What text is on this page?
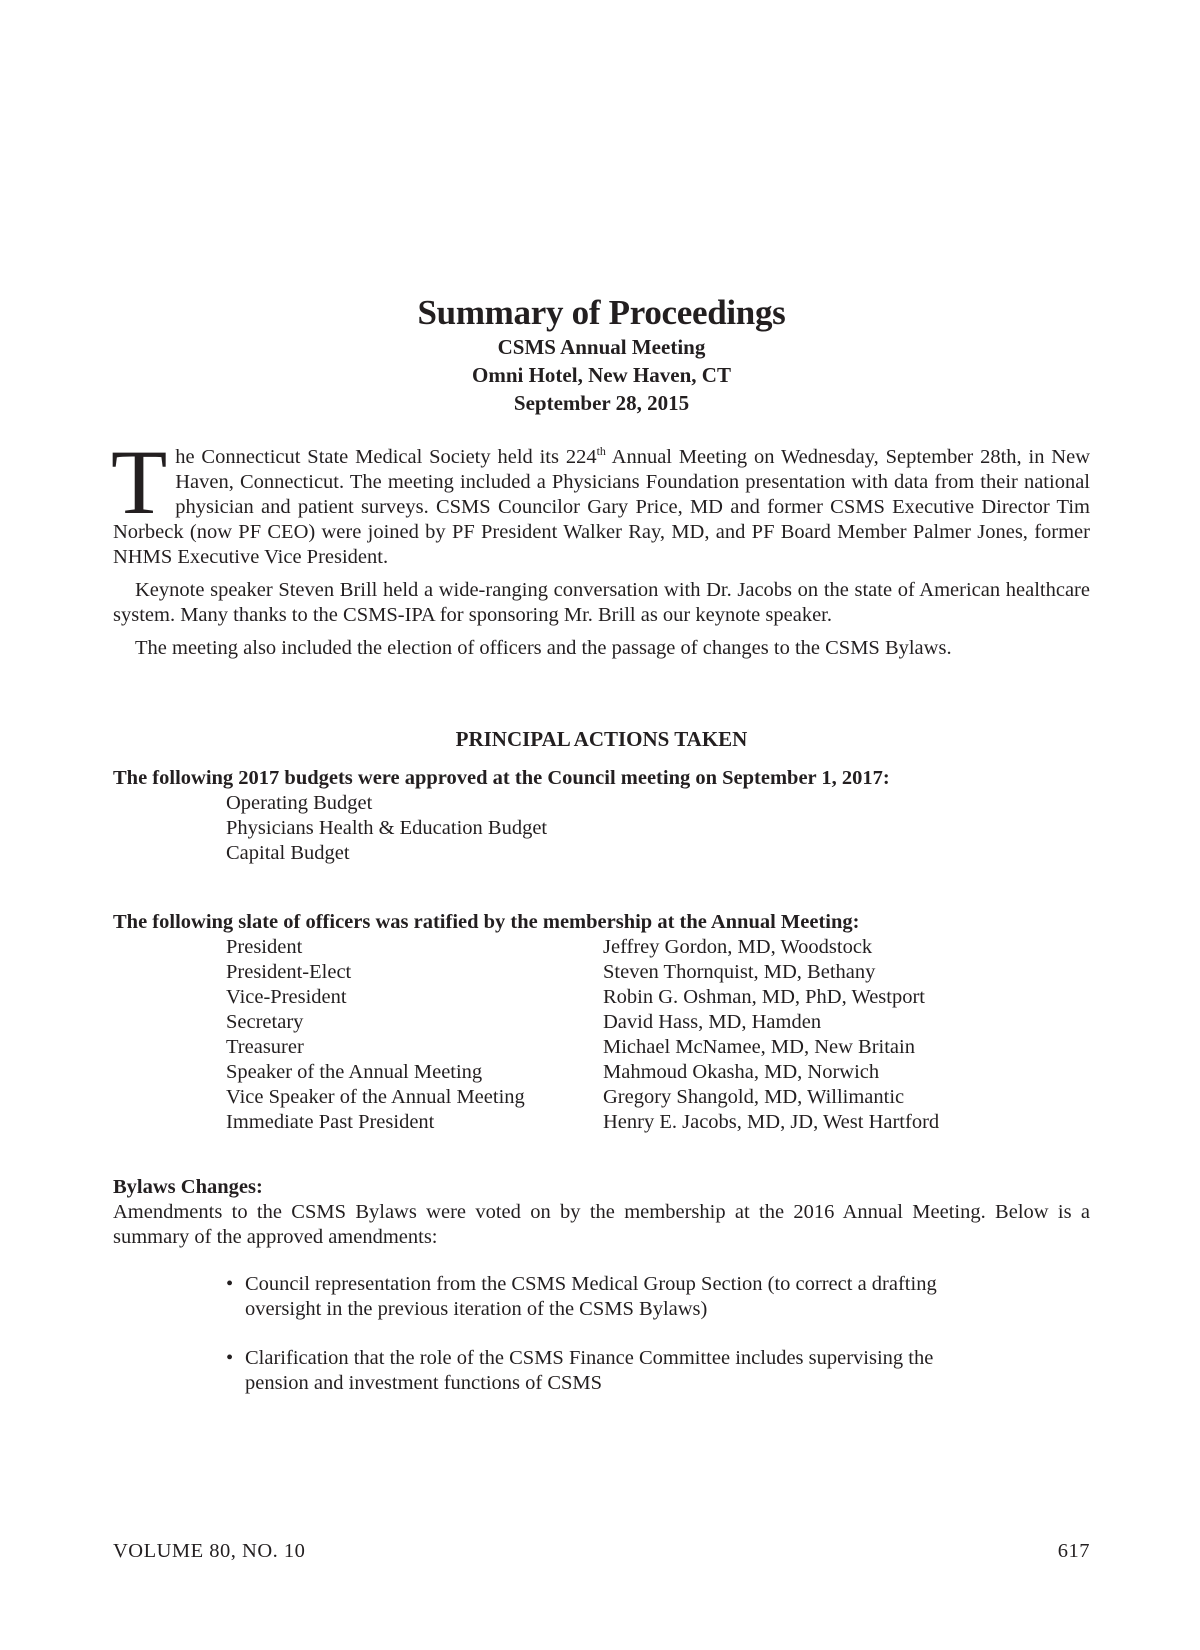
Summary of Proceedings

CSMS Annual Meeting

Omni Hotel, New Haven, CT

September 28, 2015

The Connecticut State Medical Society held its 224th Annual Meeting on Wednesday, September 28th, in New Haven, Connecticut. The meeting included a Physicians Foundation presentation with data from their national physician and patient surveys. CSMS Councilor Gary Price, MD and former CSMS Executive Director Tim Norbeck (now PF CEO) were joined by PF President Walker Ray, MD, and PF Board Member Palmer Jones, former NHMS Executive Vice President.

Keynote speaker Steven Brill held a wide-ranging conversation with Dr. Jacobs on the state of American healthcare system. Many thanks to the CSMS-IPA for sponsoring Mr. Brill as our keynote speaker.

The meeting also included the election of officers and the passage of changes to the CSMS Bylaws.

PRINCIPAL ACTIONS TAKEN

The following 2017 budgets were approved at the Council meeting on September 1, 2017:

Operating Budget
Physicians Health & Education Budget
Capital Budget

The following slate of officers was ratified by the membership at the Annual Meeting:

President	Jeffrey Gordon, MD, Woodstock
President-Elect	Steven Thornquist, MD, Bethany
Vice-President	Robin G. Oshman, MD, PhD, Westport
Secretary	David Hass, MD, Hamden
Treasurer	Michael McNamee, MD, New Britain
Speaker of the Annual Meeting	Mahmoud Okasha, MD, Norwich
Vice Speaker of the Annual Meeting	Gregory Shangold, MD, Willimantic
Immediate Past President	Henry E. Jacobs, MD, JD, West Hartford

Bylaws Changes:

Amendments to the CSMS Bylaws were voted on by the membership at the 2016 Annual Meeting. Below is a summary of the approved amendments:

• Council representation from the CSMS Medical Group Section (to correct a drafting oversight in the previous iteration of the CSMS Bylaws)
• Clarification that the role of the CSMS Finance Committee includes supervising the pension and investment functions of CSMS
VOLUME 80, NO. 10	617
